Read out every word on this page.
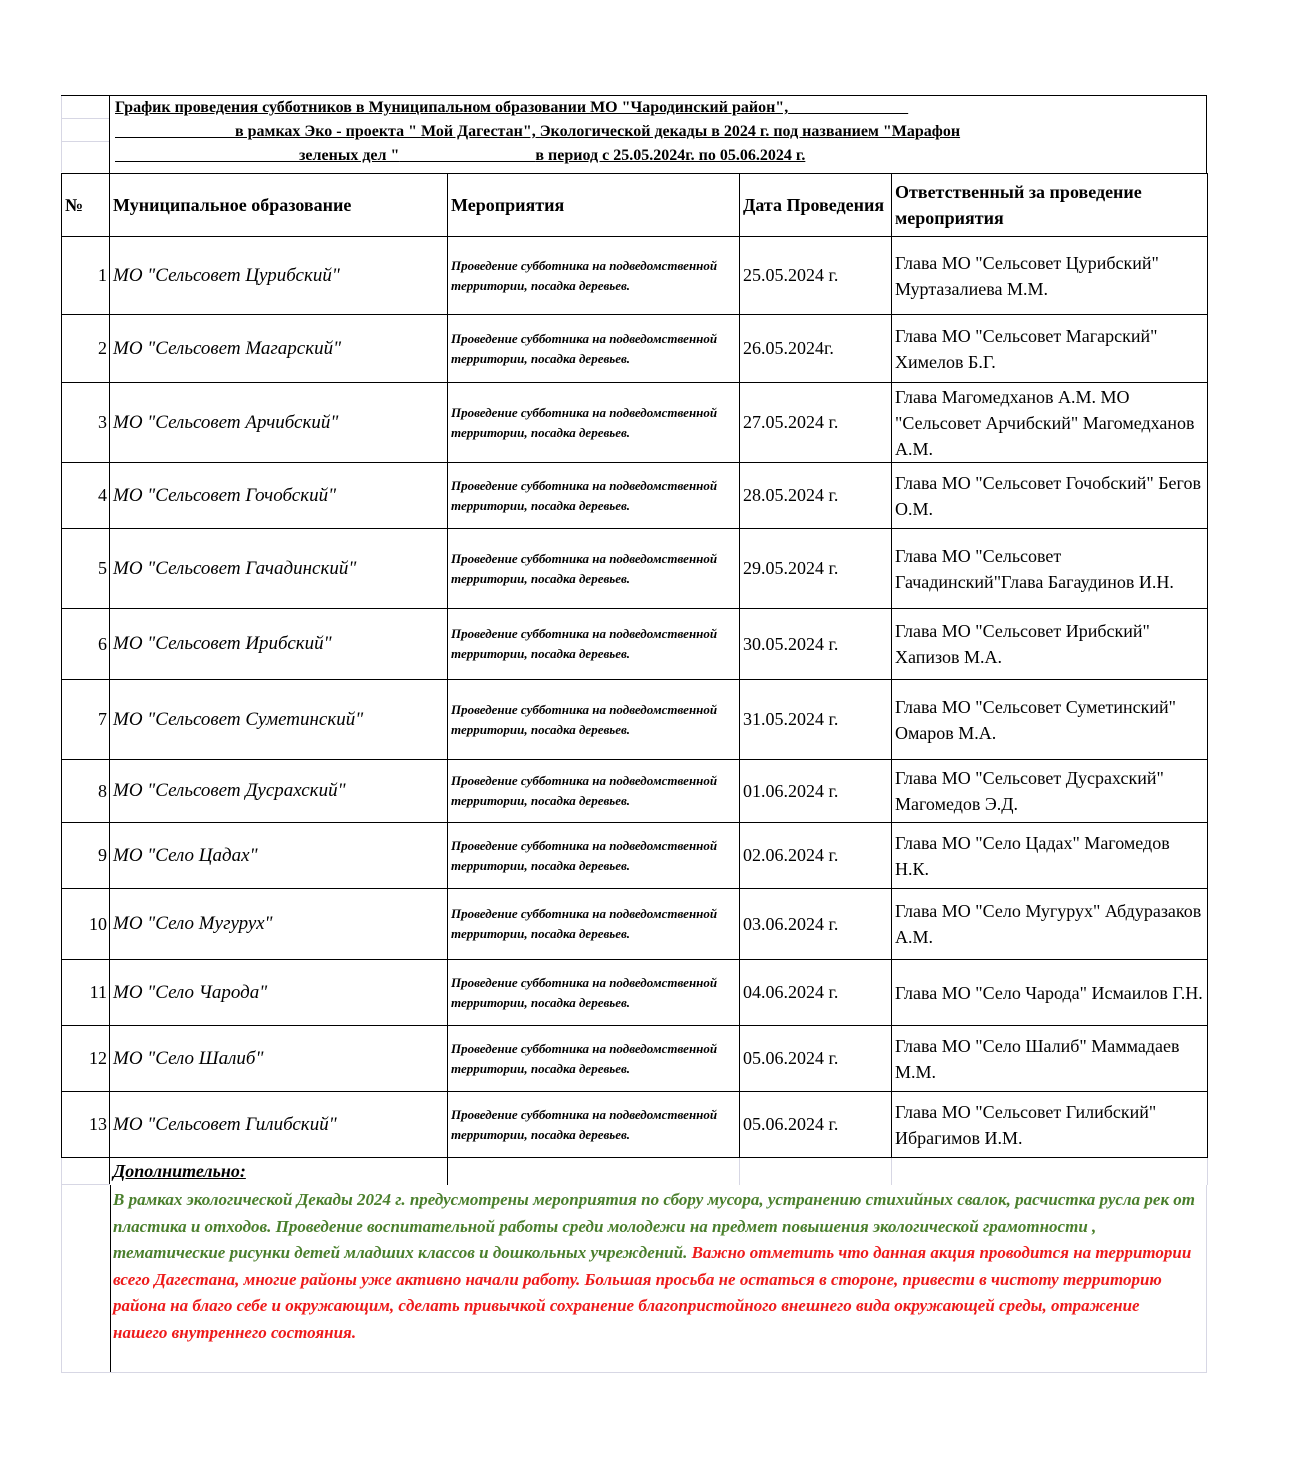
График проведения субботников в Муниципальном образовании МО "Чародинский район",
в рамках Эко - проекта " Мой Дагестан", Экологической декады в 2024 г. под названием "Марафон
зеленых дел "	в период с 25.05.2024г. по 05.06.2024 г.
№	Муниципальное образование	Мероприятия	Дата Проведения	Ответственный за проведение мероприятия
1	МО "Сельсовет Цурибский"	Проведение субботника на подведомственной территории, посадка деревьев.	25.05.2024 г.	Глава МО "Сельсовет Цурибский" Муртазалиева М.М.
2	МО "Сельсовет Магарский"	Проведение субботника на подведомственной территории, посадка деревьев.	26.05.2024г.	Глава МО "Сельсовет Магарский" Химелов Б.Г.
3	МО "Сельсовет Арчибский"	Проведение субботника на подведомственной территории, посадка деревьев.	27.05.2024 г.	Глава Магомедханов А.М. МО "Сельсовет Арчибский" Магомедханов А.М.
4	МО "Сельсовет Гочобский"	Проведение субботника на подведомственной территории, посадка деревьев.	28.05.2024 г.	Глава МО "Сельсовет Гочобский" Бегов О.М.
5	МО "Сельсовет Гачадинский"	Проведение субботника на подведомственной территории, посадка деревьев.	29.05.2024 г.	Глава МО "Сельсовет Гачадинский"Глава Багаудинов И.Н.
6	МО "Сельсовет Ирибский"	Проведение субботника на подведомственной территории, посадка деревьев.	30.05.2024 г.	Глава МО "Сельсовет Ирибский" Хапизов М.А.
7	МО "Сельсовет Суметинский"	Проведение субботника на подведомственной территории, посадка деревьев.	31.05.2024 г.	Глава МО "Сельсовет Суметинский" Омаров М.А.
8	МО "Сельсовет Дусрахский"	Проведение субботника на подведомственной территории, посадка деревьев.	01.06.2024 г.	Глава МО "Сельсовет Дусрахский" Магомедов Э.Д.
9	МО "Село Цадах"	Проведение субботника на подведомственной территории, посадка деревьев.	02.06.2024 г.	Глава МО "Село Цадах" Магомедов Н.К.
10	МО "Село Мугурух"	Проведение субботника на подведомственной территории, посадка деревьев.	03.06.2024 г.	Глава МО "Село Мугурух" Абдуразаков А.М.
11	МО "Село Чарода"	Проведение субботника на подведомственной территории, посадка деревьев.	04.06.2024 г.	Глава МО "Село Чарода" Исмаилов Г.Н.
12	МО "Село Шалиб"	Проведение субботника на подведомственной территории, посадка деревьев.	05.06.2024 г.	Глава МО "Село Шалиб" Маммадаев М.М.
13	МО "Сельсовет Гилибский"	Проведение субботника на подведомственной территории, посадка деревьев.	05.06.2024 г.	Глава МО "Сельсовет Гилибский" Ибрагимов И.М.
	Дополнительно:			
В рамках экологической Декады 2024 г. предусмотрены мероприятия по сбору мусора, устранению стихийных свалок, расчистка русла рек от пластика и отходов. Проведение воспитательной работы среди молодежи на предмет повышения экологической грамотности , тематические рисунки детей младших классов и дошкольных учреждений. Важно отметить что данная акция проводится на территории всего Дагестана, многие районы уже активно начали работу. Большая просьба не остаться в стороне, привести в чистоту территорию района на благо себе и окружающим, сделать привычкой сохранение благопристойного внешнего вида окружающей среды, отражение нашего внутреннего состояния.
